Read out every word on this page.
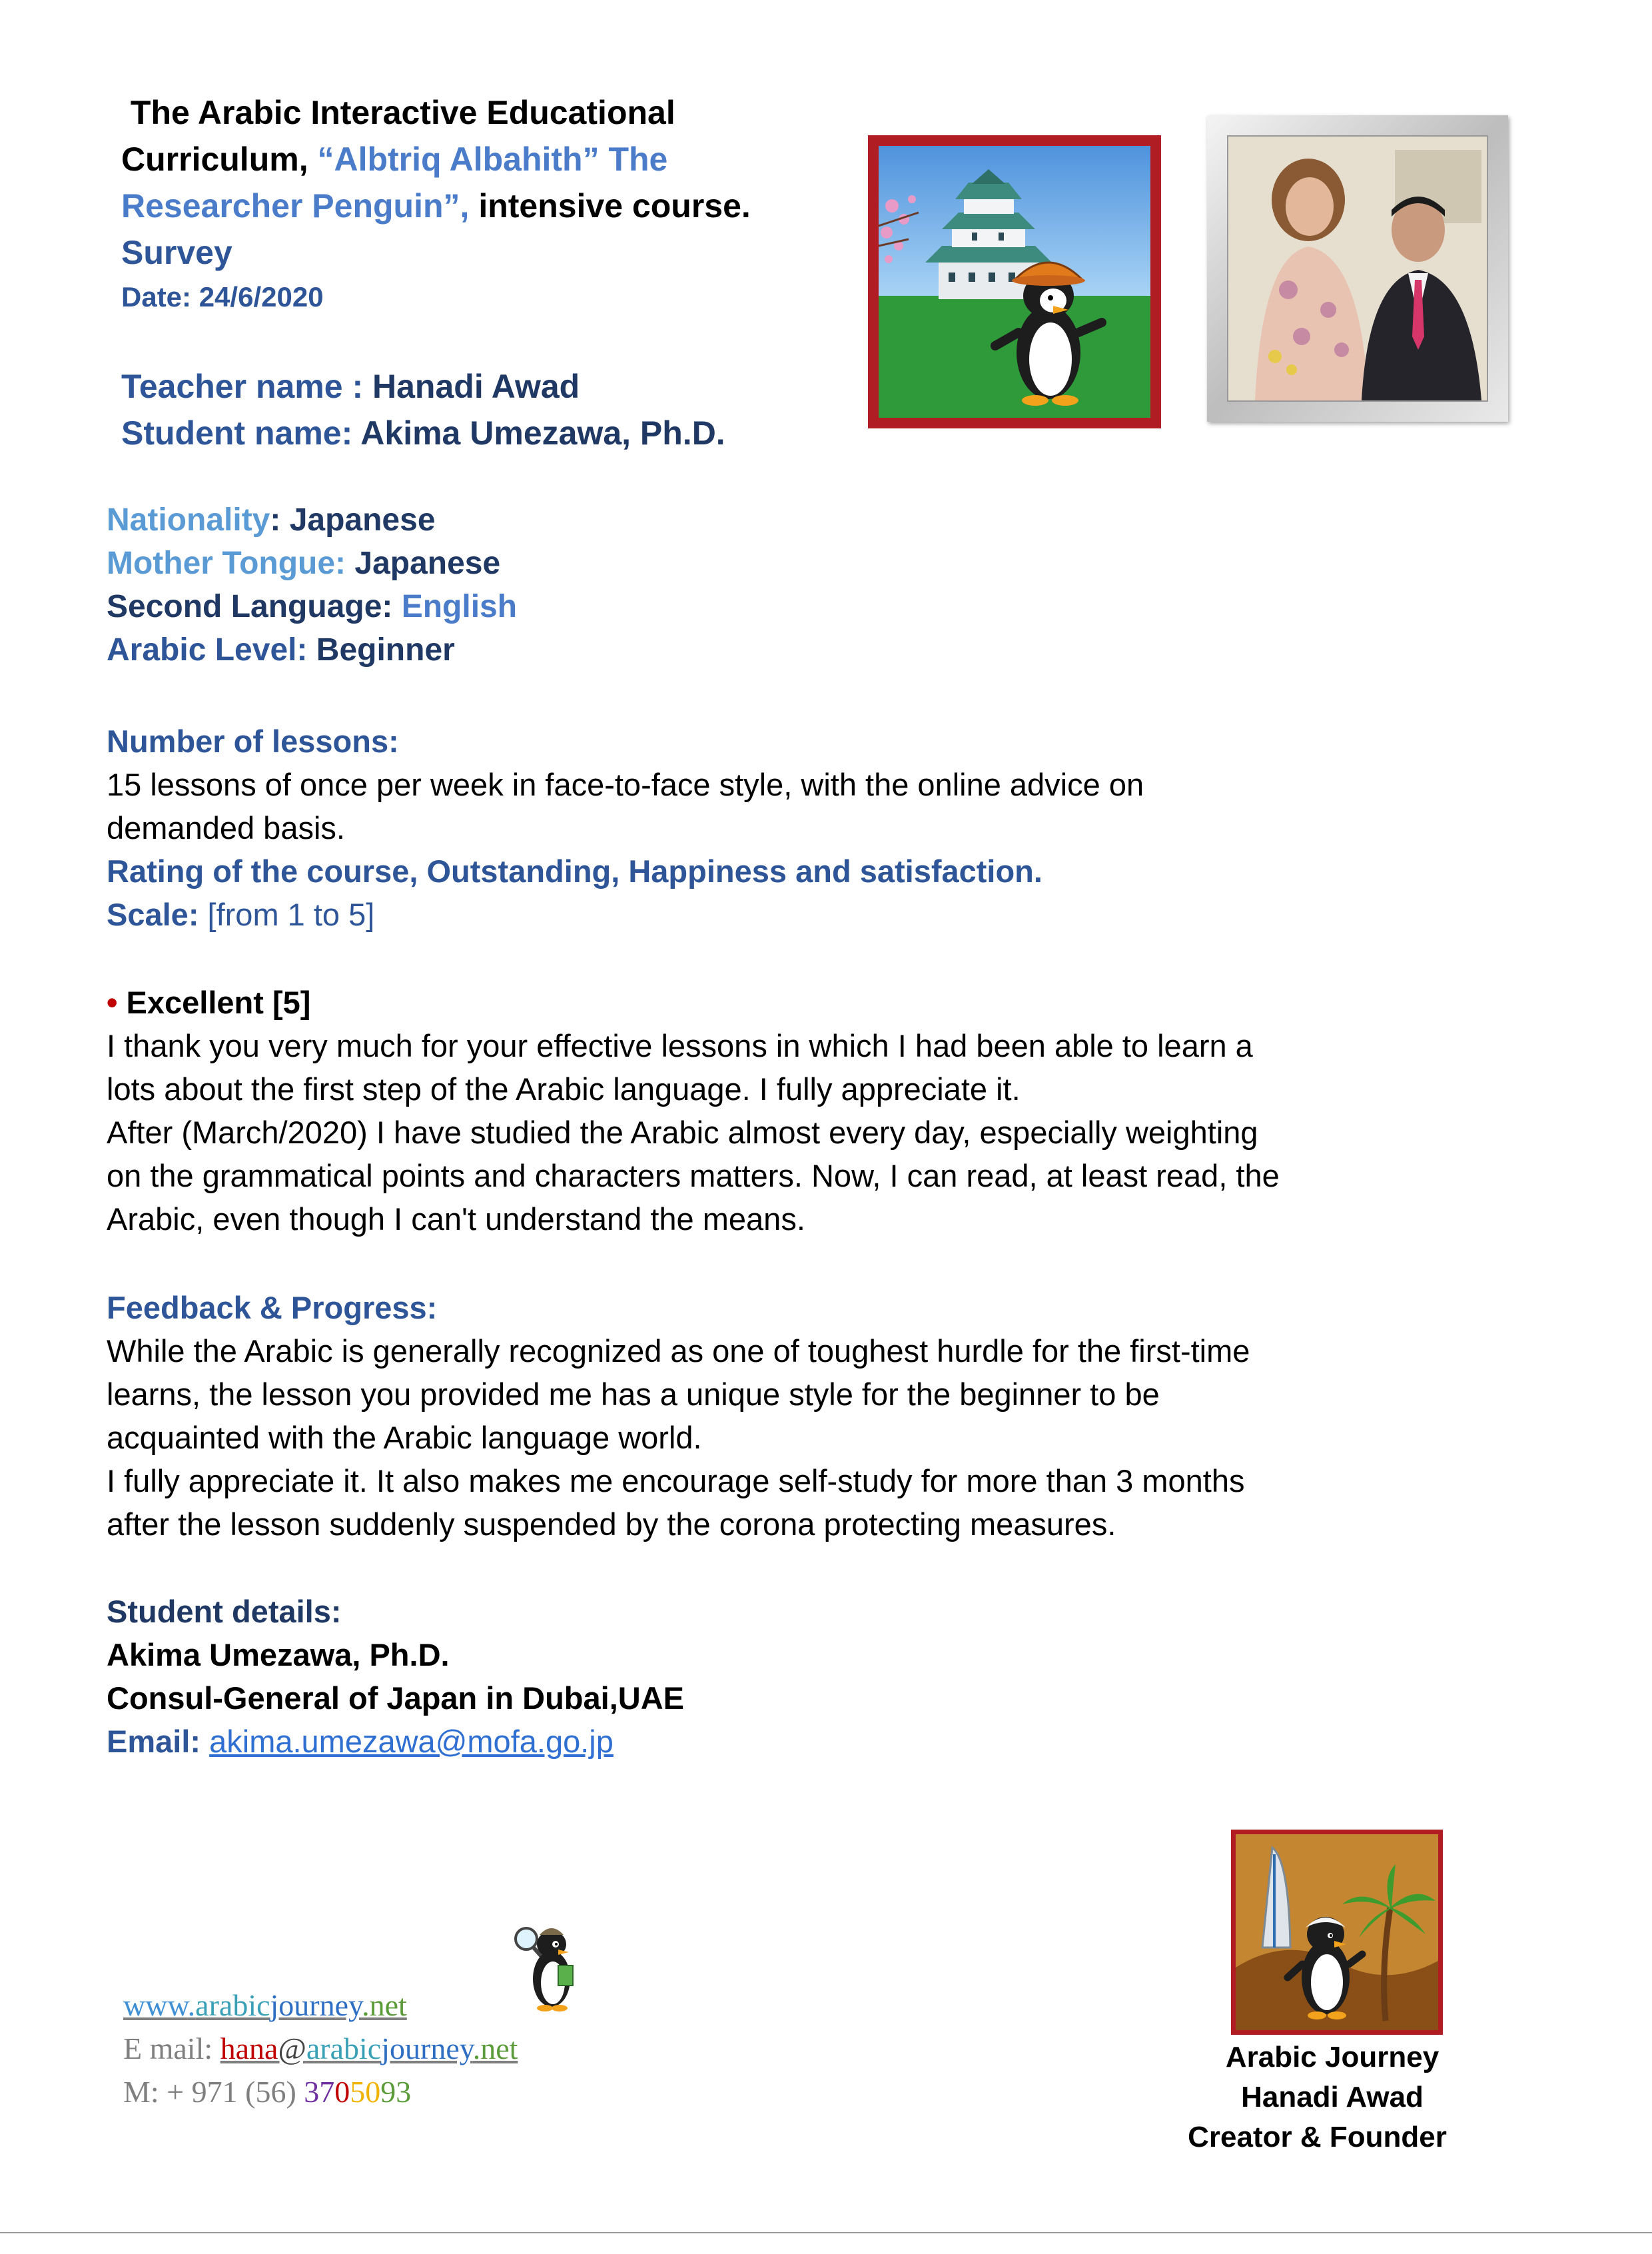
The Arabic Interactive Educational
Curriculum, “Albtriq Albahith” The
Researcher Penguin”, intensive course.
Survey
Date: 24/6/2020
Teacher name : Hanadi Awad
Student name: Akima Umezawa, Ph.D.
Nationality: Japanese
Mother Tongue: Japanese
Second Language: English
Arabic Level: Beginner
Number of lessons:
15 lessons of once per week in face-to-face style, with the online advice on
demanded basis.
Rating of the course, Outstanding, Happiness and satisfaction.
Scale: [from 1 to 5]
• Excellent [5]
I thank you very much for your effective lessons in which I had been able to learn a
lots about the first step of the Arabic language. I fully appreciate it.
After (March/2020) I have studied the Arabic almost every day, especially weighting
on the grammatical points and characters matters. Now, I can read, at least read, the
Arabic, even though I can't understand the means.
Feedback & Progress:
While the Arabic is generally recognized as one of toughest hurdle for the first-time
learns, the lesson you provided me has a unique style for the beginner to be
acquainted with the Arabic language world.
I fully appreciate it. It also makes me encourage self-study for more than 3 months
after the lesson suddenly suspended by the corona protecting measures.
Student details:
Akima Umezawa, Ph.D.
Consul-General of Japan in Dubai,UAE
Email: akima.umezawa@mofa.go.jp
www.arabicjourney.net
E mail: hana@arabicjourney.net
M: + 971 (56) 3705093
Arabic Journey
Hanadi Awad
Creator & Founder
